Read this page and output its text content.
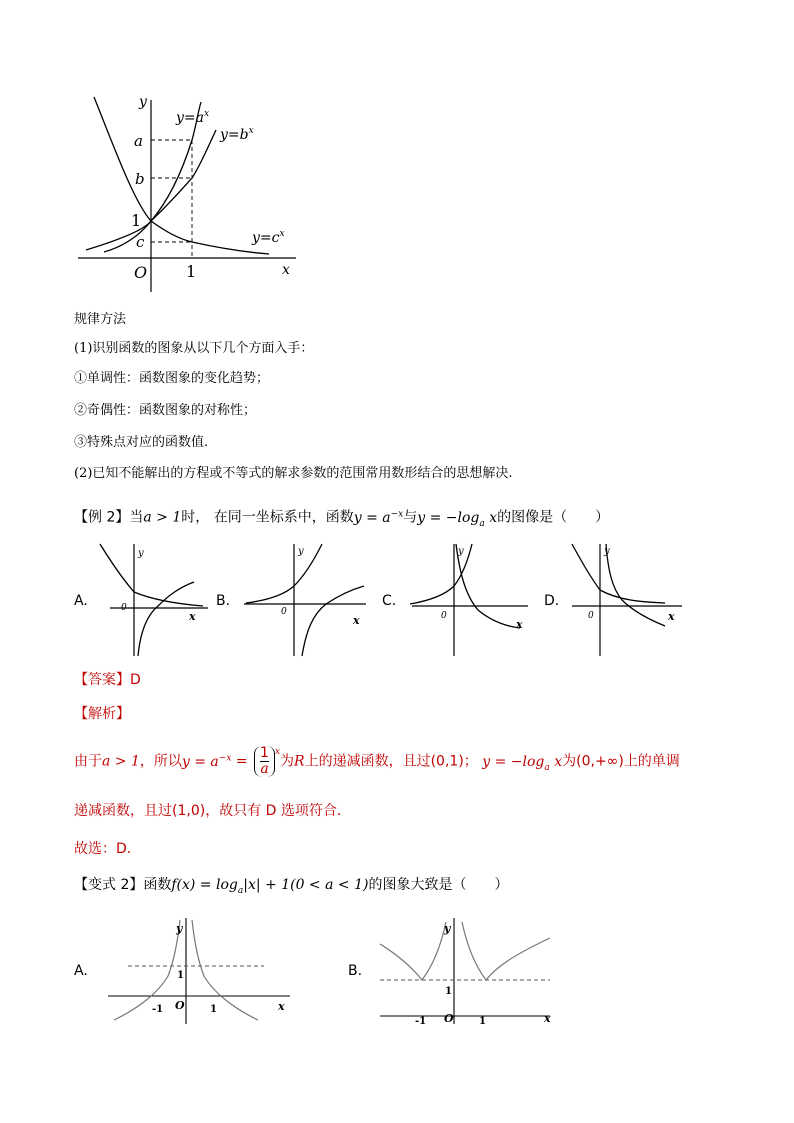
y
x
O
a
b
c
1
1
$y=a^x$
$y=b^x$
$y=c^x$
规律方法
(1)识别函数的图象从以下几个方面入手：
①单调性：函数图象的变化趋势；
②奇偶性：函数图象的对称性；
③特殊点对应的函数值.
(2)已知不能解出的方程或不等式的解求参数的范围常用数形结合的思想解决.
【例 2】当a > 1时， 在同一坐标系中，函数$y = a^{-x}$与$y = -\log_a$ x的图像是（　　）
A.	B.	C.	D.
y
x
0
y
x
0
y
x
0
y
x
0
【答案】D
【解析】
由于a > 1，所以$y = a^{-x} = \frac{1}{a} ^x$为R上的递减函数，且过(0,1)； $y = -\log_a$ x为(0,+∞)上的单调
递减函数，且过(1,0)，故只有 D 选项符合.
故选：D.
【变式 2】函数$f(x) = \log_a|x| + 1(0 < a < 1)$的图象大致是（　　）
A.	B.
y
x
O
-1	1
1
y
x
O
-1	1
1
